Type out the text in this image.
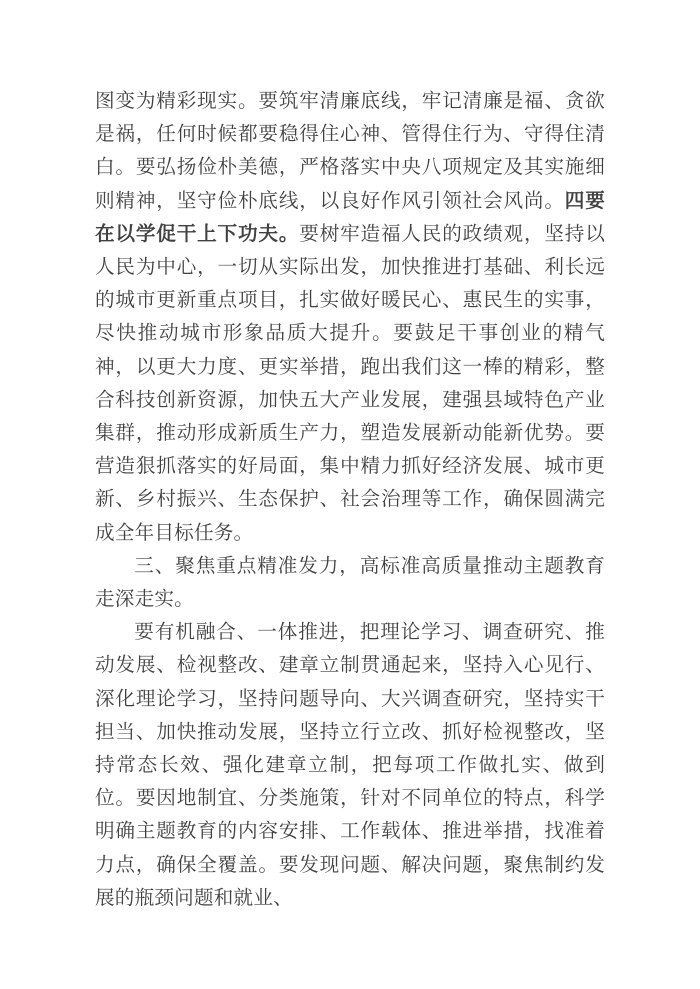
图变为精彩现实。要筑牢清廉底线，牢记清廉是福、贪欲是祸，任何时候都要稳得住心神、管得住行为、守得住清白。要弘扬俭朴美德，严格落实中央八项规定及其实施细则精神，坚守俭朴底线，以良好作风引领社会风尚。四要在以学促干上下功夫。要树牢造福人民的政绩观，坚持以人民为中心，一切从实际出发，加快推进打基础、利长远的城市更新重点项目，扎实做好暖民心、惠民生的实事，尽快推动城市形象品质大提升。要鼓足干事创业的精气神，以更大力度、更实举措，跑出我们这一棒的精彩，整合科技创新资源，加快五大产业发展，建强县域特色产业集群，推动形成新质生产力，塑造发展新动能新优势。要营造狠抓落实的好局面，集中精力抓好经济发展、城市更新、乡村振兴、生态保护、社会治理等工作，确保圆满完成全年目标任务。

三、聚焦重点精准发力，高标准高质量推动主题教育走深走实。

要有机融合、一体推进，把理论学习、调查研究、推动发展、检视整改、建章立制贯通起来，坚持入心见行、深化理论学习，坚持问题导向、大兴调查研究，坚持实干担当、加快推动发展，坚持立行立改、抓好检视整改，坚持常态长效、强化建章立制，把每项工作做扎实、做到位。要因地制宜、分类施策，针对不同单位的特点，科学明确主题教育的内容安排、工作载体、推进举措，找准着力点，确保全覆盖。要发现问题、解决问题，聚焦制约发展的瓶颈问题和就业、
